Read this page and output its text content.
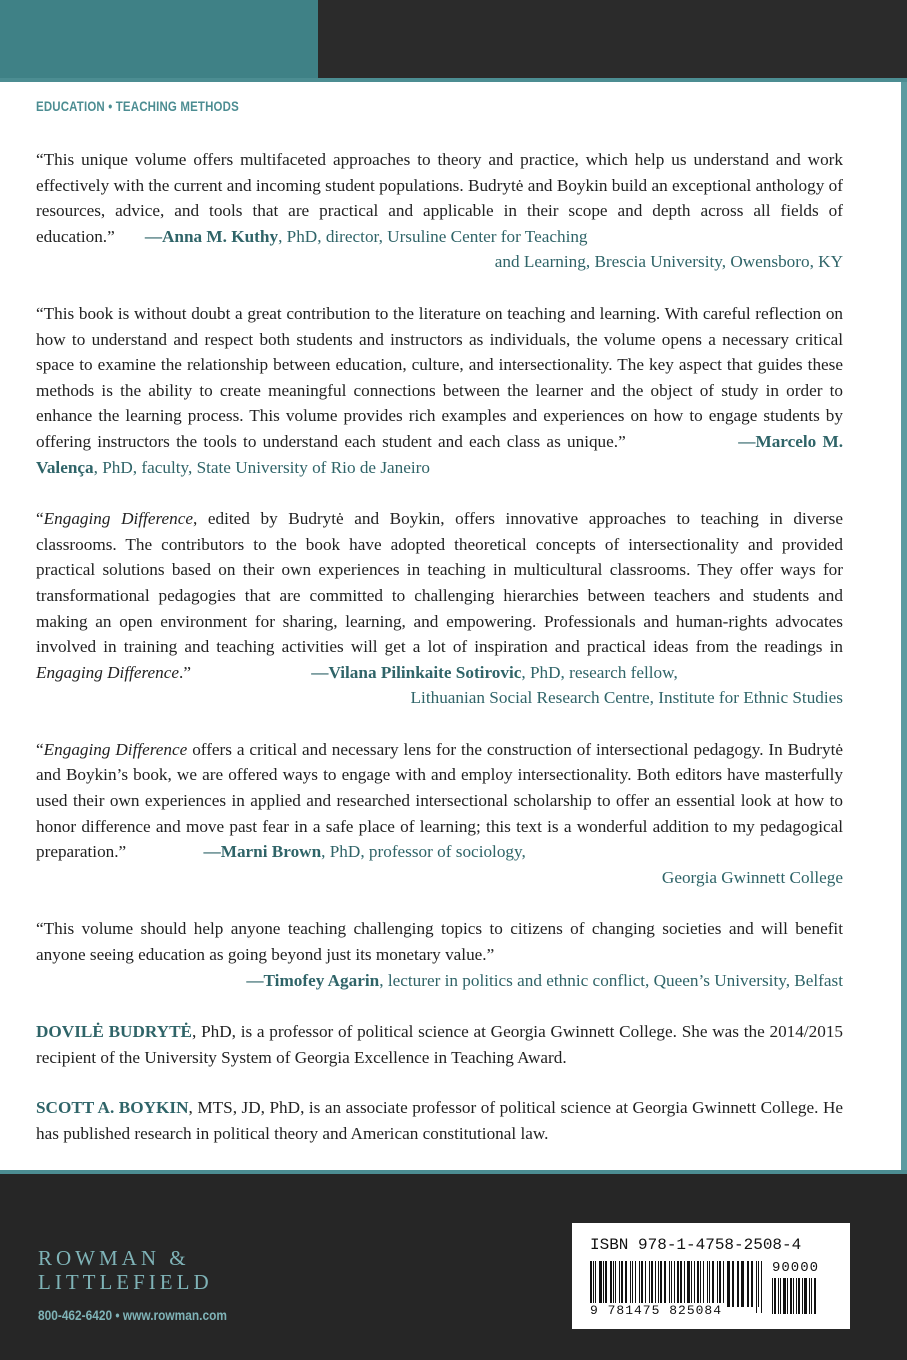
EDUCATION • TEACHING METHODS

“This unique volume offers multifaceted approaches to theory and practice, which help us understand and work effectively with the current and incoming student populations. Budrytė and Boykin build an exceptional anthology of resources, advice, and tools that are practical and applicable in their scope and depth across all fields of education.” —Anna M. Kuthy, PhD, director, Ursuline Center for Teaching

and Learning, Brescia University, Owensboro, KY

“This book is without doubt a great contribution to the literature on teaching and learning. With careful reflection on how to understand and respect both students and instructors as individuals, the volume opens a necessary critical space to examine the relationship between education, culture, and intersectionality. The key aspect that guides these methods is the ability to create meaningful connections between the learner and the object of study in order to enhance the learning process. This volume provides rich examples and experiences on how to engage students by offering instructors the tools to understand each student and each class as unique.”	—Marcelo M. Valença, PhD, faculty, State University of Rio de Janeiro

“Engaging Difference, edited by Budrytė and Boykin, offers innovative approaches to teaching in diverse classrooms. The contributors to the book have adopted theoretical concepts of intersectionality and provided practical solutions based on their own experiences in teaching in multicultural classrooms. They offer ways for transformational pedagogies that are committed to challenging hierarchies between teachers and students and making an open environment for sharing, learning, and empowering. Professionals and human-rights advocates involved in training and teaching activities will get a lot of inspiration and practical ideas from the readings in Engaging Difference.”	—Vilana Pilinkaite Sotirovic, PhD, research fellow,

Lithuanian Social Research Centre, Institute for Ethnic Studies

“Engaging Difference offers a critical and necessary lens for the construction of intersectional pedagogy. In Budrytė and Boykin’s book, we are offered ways to engage with and employ intersectionality. Both editors have masterfully used their own experiences in applied and researched intersectional scholarship to offer an essential look at how to honor difference and move past fear in a safe place of learning; this text is a wonderful addition to my pedagogical preparation.”	—Marni Brown, PhD, professor of sociology,

Georgia Gwinnett College

“This volume should help anyone teaching challenging topics to citizens of changing societies and will benefit anyone seeing education as going beyond just its monetary value.”

—Timofey Agarin, lecturer in politics and ethnic conflict, Queen’s University, Belfast
DOVILĖ BUDRYTĖ, PhD, is a professor of political science at Georgia Gwinnett College. She was the 2014/2015 recipient of the University System of Georgia Excellence in Teaching Award.
SCOTT A. BOYKIN, MTS, JD, PhD, is an associate professor of political science at Georgia Gwinnett College. He has published research in political theory and American constitutional law.
ROWMAN &
LITTLEFIELD
800-462-6420 • www.rowman.com
ISBN 978-1-4758-2508-4
90000
9 781475 825084
